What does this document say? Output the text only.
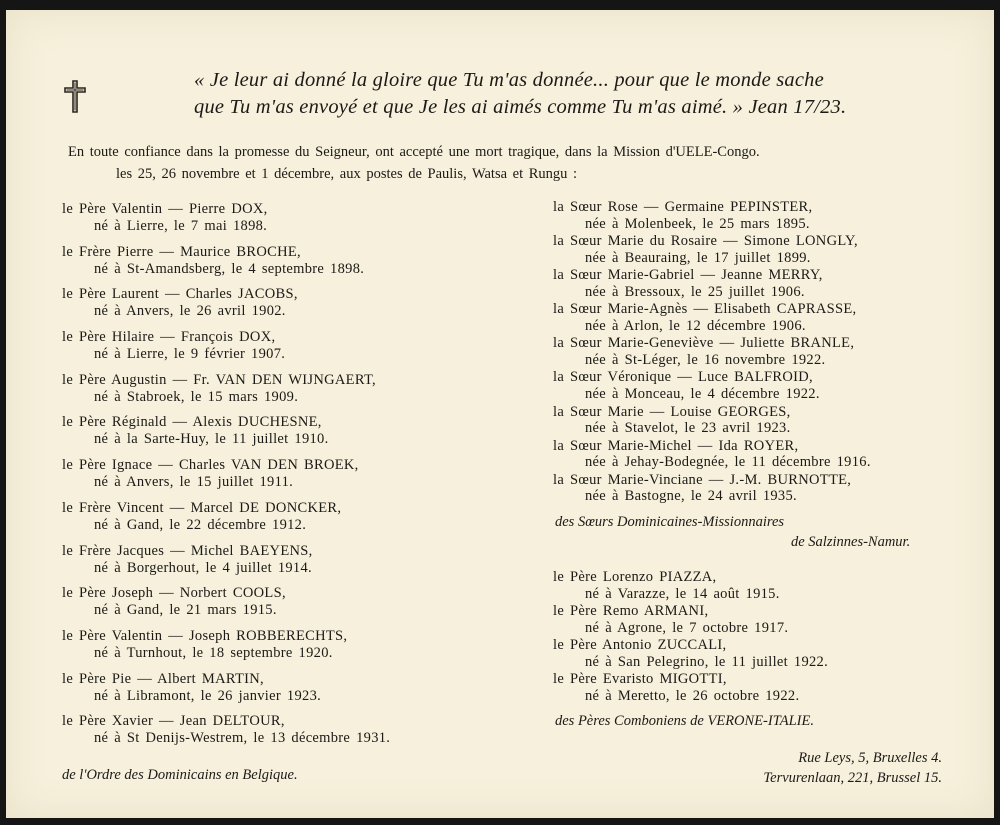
« Je leur ai donné la gloire que Tu m'as donnée... pour que le monde sache
que Tu m'as envoyé et que Je les ai aimés comme Tu m'as aimé. » Jean 17/23.
En toute confiance dans la promesse du Seigneur, ont accepté une mort tragique, dans la Mission d'UELE-Congo.
les 25, 26 novembre et 1 décembre, aux postes de Paulis, Watsa et Rungu :
le Père Valentin — Pierre DOX,
né à Lierre, le 7 mai 1898.
le Frère Pierre — Maurice BROCHE,
né à St-Amandsberg, le 4 septembre 1898.
le Père Laurent — Charles JACOBS,
né à Anvers, le 26 avril 1902.
le Père Hilaire — François DOX,
né à Lierre, le 9 février 1907.
le Père Augustin — Fr. VAN DEN WIJNGAERT,
né à Stabroek, le 15 mars 1909.
le Père Réginald — Alexis DUCHESNE,
né à la Sarte-Huy, le 11 juillet 1910.
le Père Ignace — Charles VAN DEN BROEK,
né à Anvers, le 15 juillet 1911.
le Frère Vincent — Marcel DE DONCKER,
né à Gand, le 22 décembre 1912.
le Frère Jacques — Michel BAEYENS,
né à Borgerhout, le 4 juillet 1914.
le Père Joseph — Norbert COOLS,
né à Gand, le 21 mars 1915.
le Père Valentin — Joseph ROBBERECHTS,
né à Turnhout, le 18 septembre 1920.
le Père Pie — Albert MARTIN,
né à Libramont, le 26 janvier 1923.
le Père Xavier — Jean DELTOUR,
né à St Denijs-Westrem, le 13 décembre 1931.
de l'Ordre des Dominicains en Belgique.
la Sœur Rose — Germaine PEPINSTER,
née à Molenbeek, le 25 mars 1895.
la Sœur Marie du Rosaire — Simone LONGLY,
née à Beauraing, le 17 juillet 1899.
la Sœur Marie-Gabriel — Jeanne MERRY,
née à Bressoux, le 25 juillet 1906.
la Sœur Marie-Agnès — Elisabeth CAPRASSE,
née à Arlon, le 12 décembre 1906.
la Sœur Marie-Geneviève — Juliette BRANLE,
née à St-Léger, le 16 novembre 1922.
la Sœur Véronique — Luce BALFROID,
née à Monceau, le 4 décembre 1922.
la Sœur Marie — Louise GEORGES,
née à Stavelot, le 23 avril 1923.
la Sœur Marie-Michel — Ida ROYER,
née à Jehay-Bodegnée, le 11 décembre 1916.
la Sœur Marie-Vinciane — J.-M. BURNOTTE,
née à Bastogne, le 24 avril 1935.
des Sœurs Dominicaines-Missionnaires
de Salzinnes-Namur.
le Père Lorenzo PIAZZA,
né à Varazze, le 14 août 1915.
le Père Remo ARMANI,
né à Agrone, le 7 octobre 1917.
le Père Antonio ZUCCALI,
né à San Pelegrino, le 11 juillet 1922.
le Père Evaristo MIGOTTI,
né à Meretto, le 26 octobre 1922.
des Pères Comboniens de VERONE-ITALIE.
Rue Leys, 5, Bruxelles 4.
Tervurenlaan, 221, Brussel 15.
